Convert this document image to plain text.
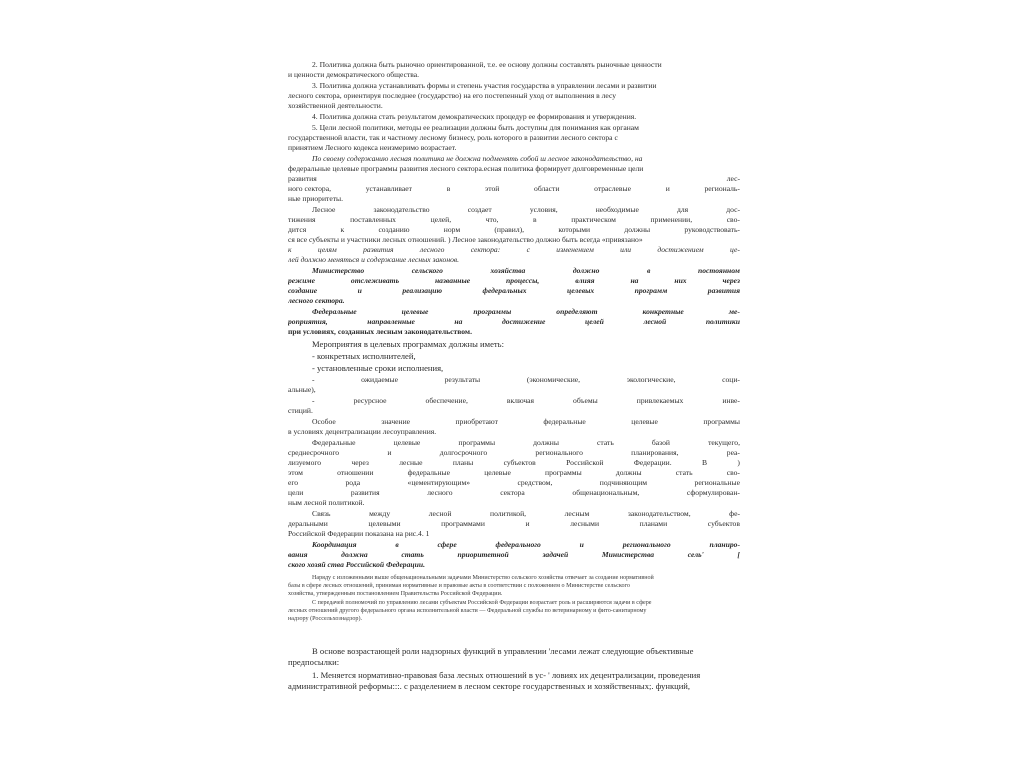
2. Политика должна быть рыночно ориентированной, т.е. ее основу должны составлять рыночные ценности
и ценности демократического общества.
3. Политика должна устанавливать формы и степень участия государства в управлении лесами и развитии
лесного сектора, ориентируя последнее (государство) на его постепенный уход от выполнения в лесу
хозяйственной деятельности.
4. Политика должна стать результатом демократических процедур ее формирования и утверждения.
5. Цели лесной политики, методы ее реализации должны быть доступны для понимания как органам
государственной власти, так и частному лесному бизнесу, роль которого в развитии лесного сектора с
принятием Лесного кодекса неизмеримо возрастает.
По своему содержанию лесная политика не должна подменять собой ш лесное законодательство, на
федеральные целевые программы развития лесного сектора.есная политика формирует долговременные цели
развития	лес-
ного сектора,	устанавливает	в	этой	области	отраслевые	и	региональ-
ные приоритеты.
Лесное	законодательство	создает	условия,	необходимые	для	дос-
тижения	поставленных	целей,	что,	в	практическом	применении,	сво-
дится	к	созданию	норм	(правил),	которыми	должны	руководствовать-
ся все субъекты и участники лесных отношений. ) Лесное законодательство должно быть всегда «привязано»
к	целям	развития	лесного	сектора:	с	изменением	или	достижением	це-
лей должно меняться и содержание лесных законов.
Министерство	сельского	хозяйства	должно	в	постоянном
режиме	отслеживать	названные	процессы,	влияя	на	них	через
создание	и	реализацию	федеральных	целевых	программ	развития
лесного сектора.
Федеральные	целевые	программы	определяют	конкретные	ме-
роприятия,	направленные	на	достижение	целей	лесной	политики
при условиях, созданных лесным законодательством.
Мероприятия в целевых программах должны иметь:
- конкретных исполнителей,
- установленные сроки исполнения,
-	ожидаемые	результаты	(экономические,	экологические,	соци-
альные),
-	ресурсное	обеспечение,	включая	объемы	привлекаемых	инве-
стиций.
Особое	значение	приобретают	федеральные	целевые	программы
в условиях децентрализации лесоуправления.
Федеральные	целевые	программы	должны	стать	базой	текущего,
среднесрочного	и	долгосрочного	регионального	планирования,	реа-
лизуемого	через	лесные	планы	субъектов	Российской	Федерации.	В	)
этом	отношении	федеральные	целевые	программы	должны	стать	сво-
его	рода	«цементирующим»	средством,	подчиняющим	региональные
цели	развития	лесного	сектора	общенациональным,	сформулирован-
ным лесной политикой.
Связь	между	лесной	политикой,	лесным	законодательством,	фе-
деральными	целевыми	программами	и	лесными	планами	субъектов
Российской Федерации показана на рис.4. 1
Координация	в	сфере	федерального	и	регионального	планиро-
вания	должна	стать	приоритетной	задачей	Министерства	сель'	[
ского хозяй ства Российской Федерации.
Наряду с изложенными выше общенациональными задачами Министерство сельского хозяйства отвечает за создание нормативной
базы в сфере лесных отношений, принимая нормативные и правовые акты в соответствии с положением о Министерстве сельского
хозяйства, утвержденным постановлением Правительства Российской Федерации.
С передачей полномочий по управлению лесами субъектам Российской Федерации возрастает роль и расширяются задачи в сфере
лесных отношений другого федерального органа исполнительной власти — Федеральной службы по ветеринарному и фито-санитарному
надзору (Россельхознадзор).
В основе возрастающей роли надзорных функций в управлении 'лесами лежат следующие объективные
предпосылки:
1. Меняется нормативно-правовая база лесных отношений в ус- ' ловиях их децентрализации, проведения
административной реформы:::. с разделением в лесном секторе государственных и хозяйственных;. функций,
